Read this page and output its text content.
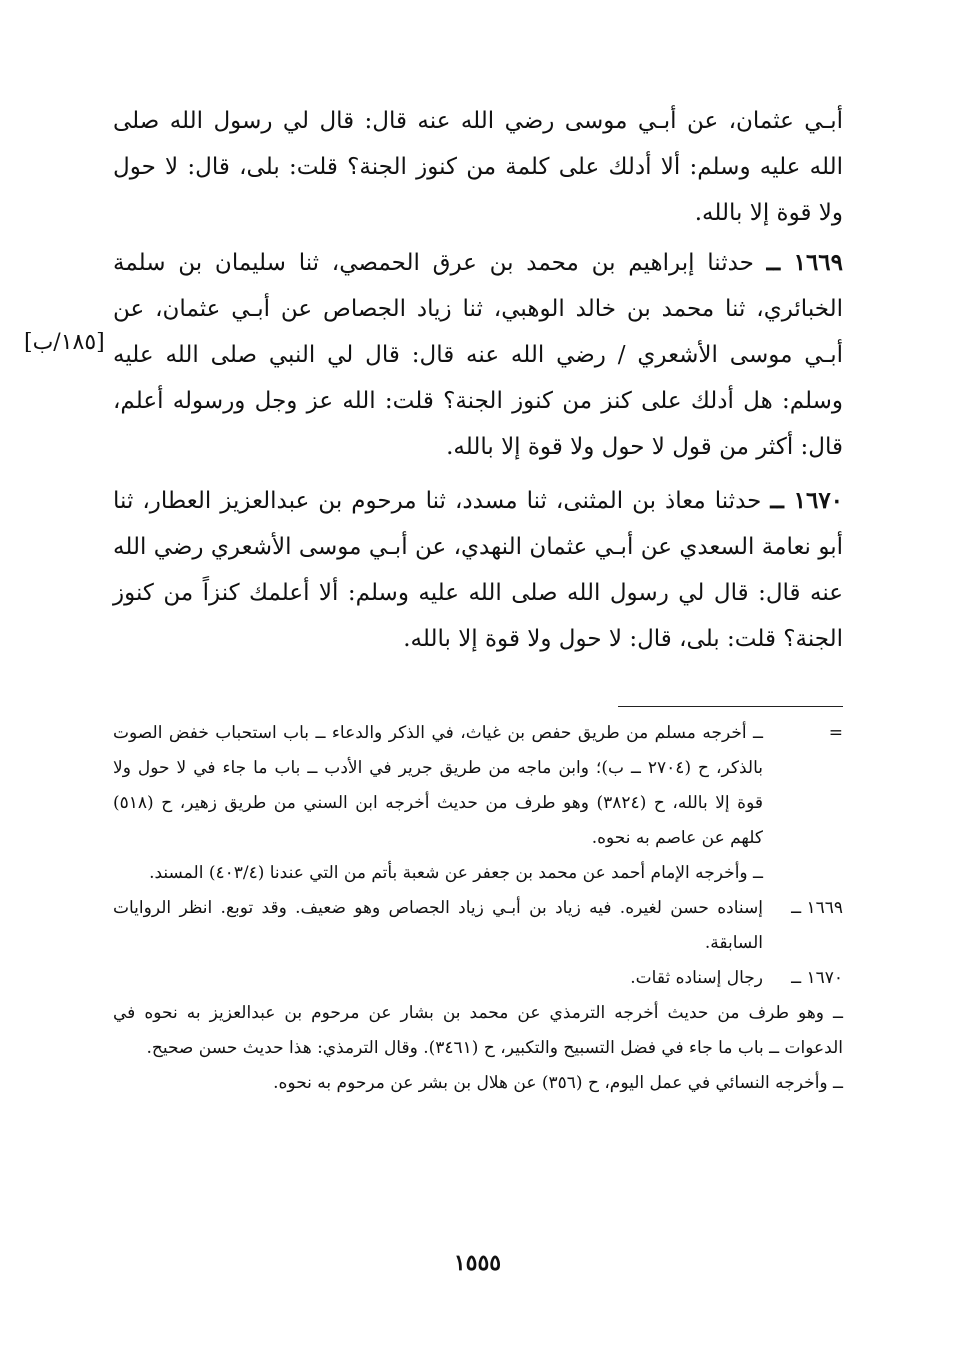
أبـي عثمان، عن أبـي موسى رضي الله عنه قال: قال لي رسول الله صلى الله عليه وسلم: ألا أدلك على كلمة من كنوز الجنة؟ قلت: بلى، قال: لا حول ولا قوة إلا بالله.
١٦٦٩ ــ حدثنا إبراهيم بن محمد بن عرق الحمصي، ثنا سليمان بن سلمة الخبائري، ثنا محمد بن خالد الوهبي، ثنا زياد الجصاص عن أبـي عثمان، عن أبـي موسى الأشعري / رضي الله عنه قال: قال لي النبي صلى الله عليه وسلم: هل أدلك على كنز من كنوز الجنة؟ قلت: الله عز وجل ورسوله أعلم، قال: أكثر من قول لا حول ولا قوة إلا بالله.
[١٨٥/ب]
١٦٧٠ ــ حدثنا معاذ بن المثنى، ثنا مسدد، ثنا مرحوم بن عبدالعزيز العطار، ثنا أبو نعامة السعدي عن أبـي عثمان النهدي، عن أبـي موسى الأشعري رضي الله عنه قال: قال لي رسول الله صلى الله عليه وسلم: ألا أعلمك كنزاً من كنوز الجنة؟ قلت: بلى، قال: لا حول ولا قوة إلا بالله.
=
ــ أخرجه مسلم من طريق حفص بن غياث، في الذكر والدعاء ــ باب استحباب خفض الصوت بالذكر، ح (٢٧٠٤ ــ ب)؛ وابن ماجه من طريق جرير في الأدب ــ باب ما جاء في لا حول ولا قوة إلا بالله، ح (٣٨٢٤) وهو طرف من حديث أخرجه ابن السني من طريق زهير، ح (٥١٨) كلهم عن عاصم به نحوه.
ــ وأخرجه الإمام أحمد عن محمد بن جعفر عن شعبة بأتم من التي عندنا (٤٠٣/٤) المسند.
١٦٦٩ ــ
إسناده حسن لغيره. فيه زياد بن أبـي زياد الجصاص وهو ضعيف. وقد توبع. انظر الروايات السابقة.
١٦٧٠ ــ
رجال إسناده ثقات.
ــ وهو طرف من حديث أخرجه الترمذي عن محمد بن بشار عن مرحوم بن عبدالعزيز به نحوه في الدعوات ــ باب ما جاء في فضل التسبيح والتكبير، ح (٣٤٦١). وقال الترمذي: هذا حديث حسن صحيح.
ــ وأخرجه النسائي في عمل اليوم، ح (٣٥٦) عن هلال بن بشر عن مرحوم به نحوه.
١٥٥٥
